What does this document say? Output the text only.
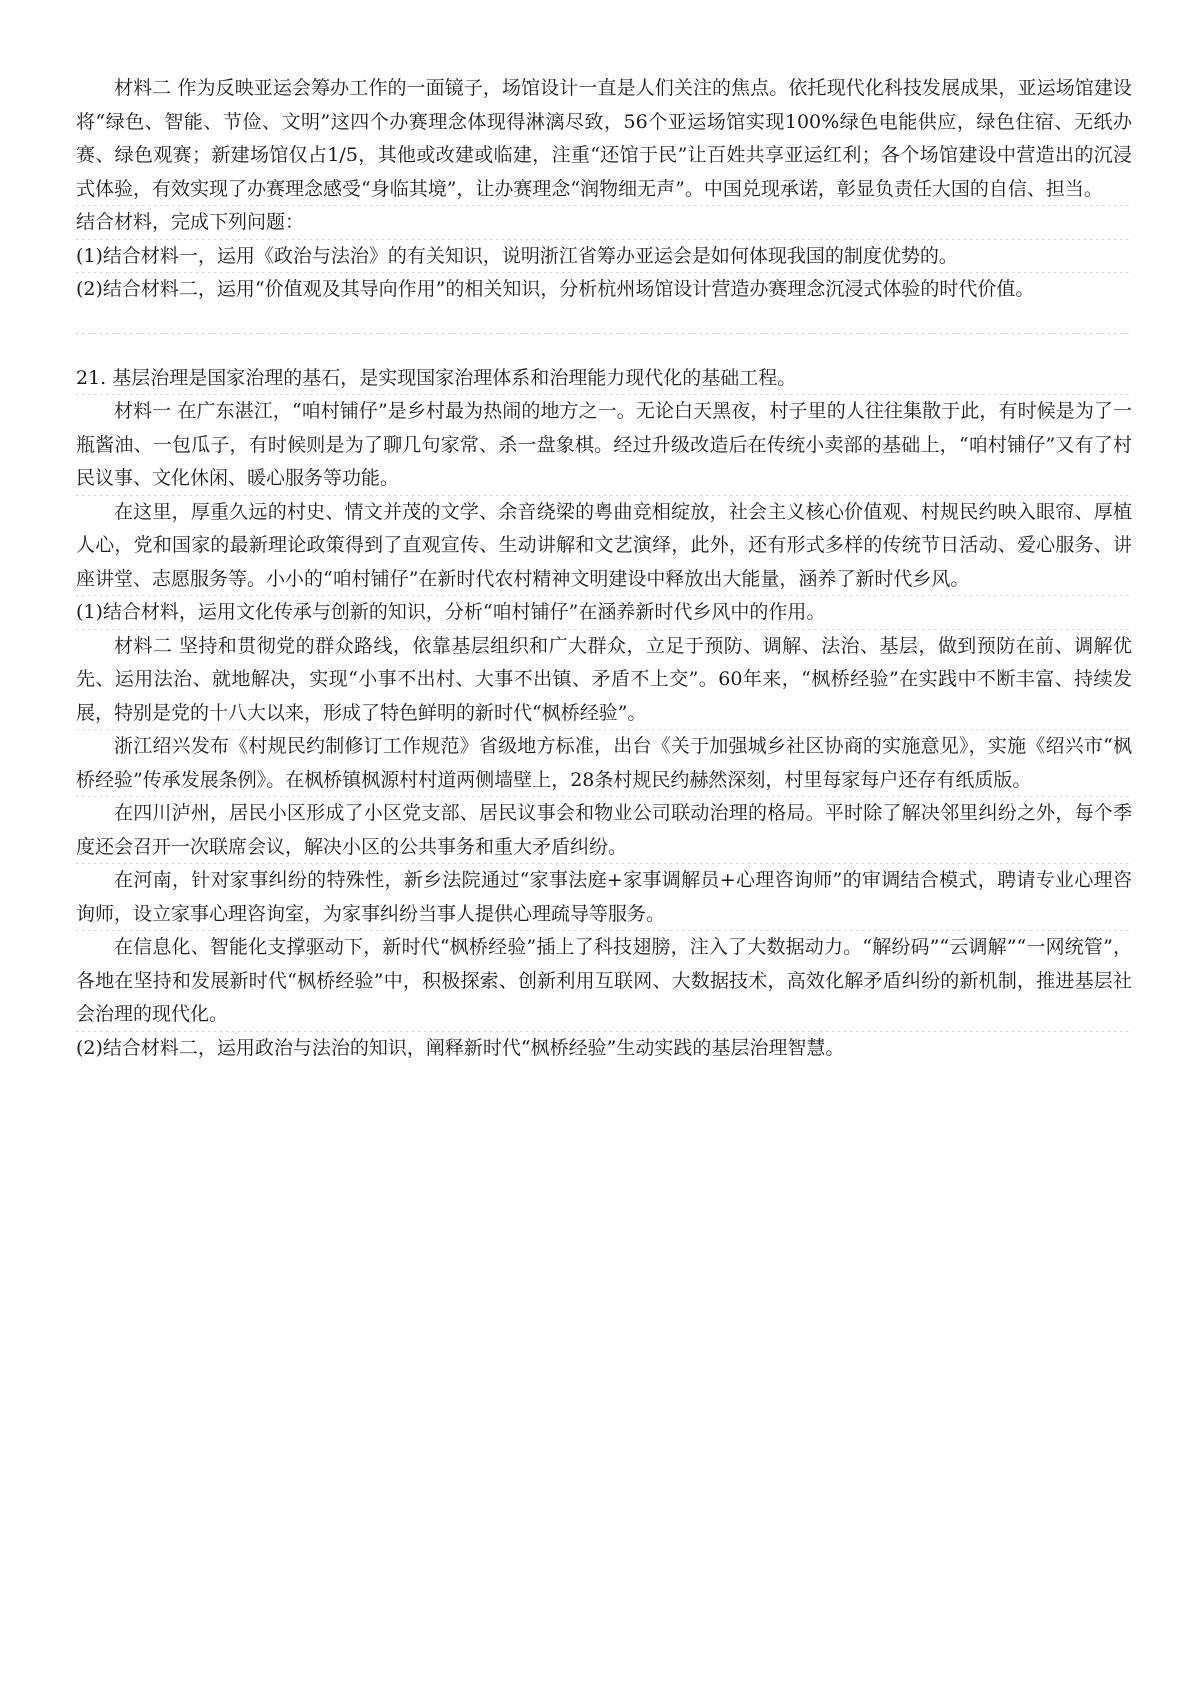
材料二 作为反映亚运会筹办工作的一面镜子，场馆设计一直是人们关注的焦点。依托现代化科技发展成果，亚运场馆建设将“绿色、智能、节俭、文明”这四个办赛理念体现得淋漓尽致，56个亚运场馆实现100%绿色电能供应，绿色住宿、无纸办赛、绿色观赛；新建场馆仅占1/5，其他或改建或临建，注重“还馆于民”让百姓共享亚运红利；各个场馆建设中营造出的沉浸式体验，有效实现了办赛理念感受“身临其境”，让办赛理念“润物细无声”。中国兑现承诺，彰显负责任大国的自信、担当。

结合材料，完成下列问题：

(1)结合材料一，运用《政治与法治》的有关知识，说明浙江省筹办亚运会是如何体现我国的制度优势的。

(2)结合材料二，运用“价值观及其导向作用”的相关知识，分析杭州场馆设计营造办赛理念沉浸式体验的时代价值。

21. 基层治理是国家治理的基石，是实现国家治理体系和治理能力现代化的基础工程。

材料一 在广东湛江，“咱村铺仔”是乡村最为热闹的地方之一。无论白天黑夜，村子里的人往往集散于此，有时候是为了一瓶酱油、一包瓜子，有时候则是为了聊几句家常、杀一盘象棋。经过升级改造后在传统小卖部的基础上，“咱村铺仔”又有了村民议事、文化休闲、暖心服务等功能。

在这里，厚重久远的村史、情文并茂的文学、余音绕梁的粤曲竞相绽放，社会主义核心价值观、村规民约映入眼帘、厚植人心，党和国家的最新理论政策得到了直观宣传、生动讲解和文艺演绎，此外，还有形式多样的传统节日活动、爱心服务、讲座讲堂、志愿服务等。小小的“咱村铺仔”在新时代农村精神文明建设中释放出大能量，涵养了新时代乡风。

(1)结合材料，运用文化传承与创新的知识，分析“咱村铺仔”在涵养新时代乡风中的作用。

材料二 坚持和贯彻党的群众路线，依靠基层组织和广大群众，立足于预防、调解、法治、基层，做到预防在前、调解优先、运用法治、就地解决，实现“小事不出村、大事不出镇、矛盾不上交”。60年来，“枫桥经验”在实践中不断丰富、持续发展，特别是党的十八大以来，形成了特色鲜明的新时代“枫桥经验”。

浙江绍兴发布《村规民约制修订工作规范》省级地方标准，出台《关于加强城乡社区协商的实施意见》，实施《绍兴市“枫桥经验”传承发展条例》。在枫桥镇枫源村村道两侧墙壁上，28条村规民约赫然深刻，村里每家每户还存有纸质版。

在四川泸州，居民小区形成了小区党支部、居民议事会和物业公司联动治理的格局。平时除了解决邻里纠纷之外，每个季度还会召开一次联席会议，解决小区的公共事务和重大矛盾纠纷。

在河南，针对家事纠纷的特殊性，新乡法院通过“家事法庭+家事调解员+心理咨询师”的审调结合模式，聘请专业心理咨询师，设立家事心理咨询室，为家事纠纷当事人提供心理疏导等服务。

在信息化、智能化支撑驱动下，新时代“枫桥经验”插上了科技翅膀，注入了大数据动力。“解纷码”“云调解”“一网统管”，各地在坚持和发展新时代“枫桥经验”中，积极探索、创新利用互联网、大数据技术，高效化解矛盾纠纷的新机制，推进基层社会治理的现代化。

(2)结合材料二，运用政治与法治的知识，阐释新时代“枫桥经验”生动实践的基层治理智慧。
